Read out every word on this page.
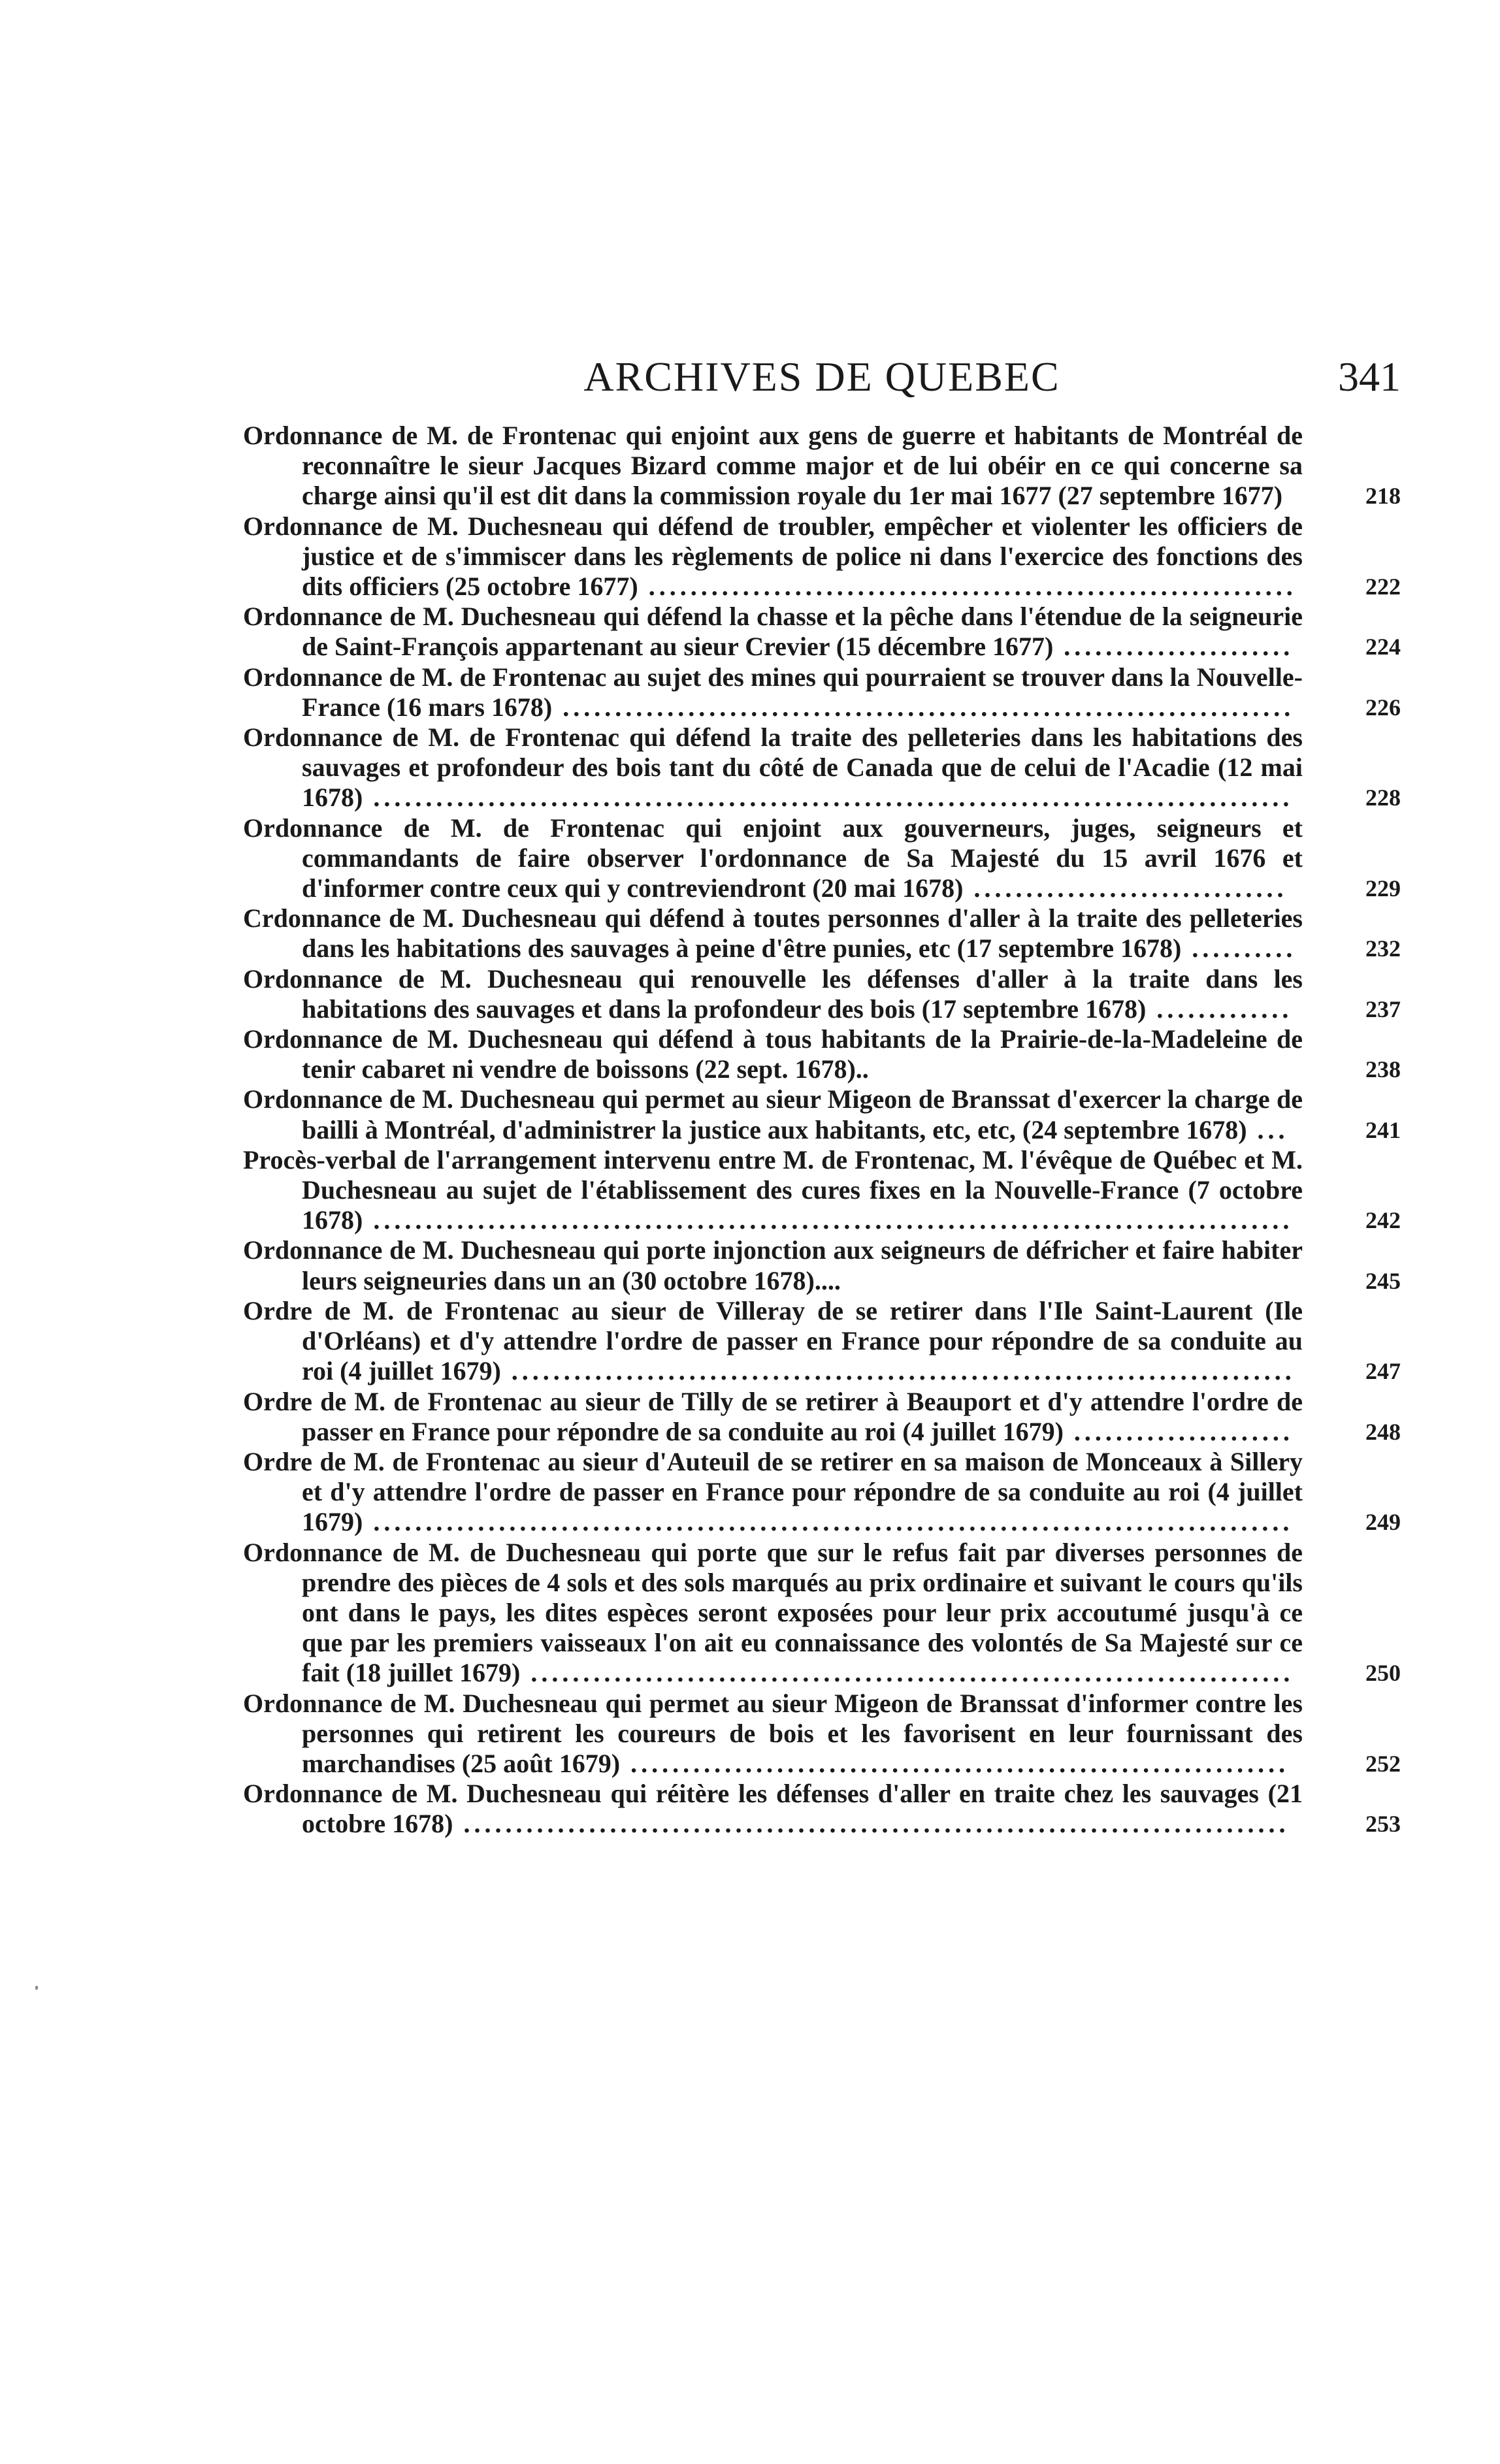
ARCHIVES DE QUEBEC	341
Ordonnance de M. de Frontenac qui enjoint aux gens de guerre et habitants de Montréal de reconnaître le sieur Jacques Bizard comme major et de lui obéir en ce qui concerne sa charge ainsi qu'il est dit dans la commission royale du 1er mai 1677 (27 septembre 1677)	218
Ordonnance de M. Duchesneau qui défend de troubler, empêcher et violenter les officiers de justice et de s'immiscer dans les règlements de police ni dans l'exercice des fonctions des dits officiers (25 octobre 1677) ..............................................................	222
Ordonnance de M. Duchesneau qui défend la chasse et la pêche dans l'étendue de la seigneurie de Saint-François appartenant au sieur Crevier (15 décembre 1677) ......................	224
Ordonnance de M. de Frontenac au sujet des mines qui pourraient se trouver dans la Nouvelle-France (16 mars 1678) ......................................................................	226
Ordonnance de M. de Frontenac qui défend la traite des pelleteries dans les habitations des sauvages et profondeur des bois tant du côté de Canada que de celui de l'Acadie (12 mai 1678) ........................................................................................	228
Ordonnance de M. de Frontenac qui enjoint aux gouverneurs, juges, seigneurs et commandants de faire observer l'ordonnance de Sa Majesté du 15 avril 1676 et d'informer contre ceux qui y contreviendront (20 mai 1678) ..............................	229
Crdonnance de M. Duchesneau qui défend à toutes personnes d'aller à la traite des pelleteries dans les habitations des sauvages à peine d'être punies, etc (17 septembre 1678) ..........	232
Ordonnance de M. Duchesneau qui renouvelle les défenses d'aller à la traite dans les habitations des sauvages et dans la profondeur des bois (17 septembre 1678) .............	237
Ordonnance de M. Duchesneau qui défend à tous habitants de la Prairie-de-la-Madeleine de tenir cabaret ni vendre de boissons (22 sept. 1678)..	238
Ordonnance de M. Duchesneau qui permet au sieur Migeon de Branssat d'exercer la charge de bailli à Montréal, d'administrer la justice aux habitants, etc, etc, (24 septembre 1678) ...	241
Procès-verbal de l'arrangement intervenu entre M. de Frontenac, M. l'évêque de Québec et M. Duchesneau au sujet de l'établissement des cures fixes en la Nouvelle-France (7 octobre 1678) ........................................................................................	242
Ordonnance de M. Duchesneau qui porte injonction aux seigneurs de défricher et faire habiter leurs seigneuries dans un an (30 octobre 1678)....	245
Ordre de M. de Frontenac au sieur de Villeray de se retirer dans l'Ile Saint-Laurent (Ile d'Orléans) et d'y attendre l'ordre de passer en France pour répondre de sa conduite au roi (4 juillet 1679) ...........................................................................	247
Ordre de M. de Frontenac au sieur de Tilly de se retirer à Beauport et d'y attendre l'ordre de passer en France pour répondre de sa conduite au roi (4 juillet 1679) .....................	248
Ordre de M. de Frontenac au sieur d'Auteuil de se retirer en sa maison de Monceaux à Sillery et d'y attendre l'ordre de passer en France pour répondre de sa conduite au roi (4 juillet 1679) ........................................................................................	249
Ordonnance de M. de Duchesneau qui porte que sur le refus fait par diverses personnes de prendre des pièces de 4 sols et des sols marqués au prix ordinaire et suivant le cours qu'ils ont dans le pays, les dites espèces seront exposées pour leur prix accoutumé jusqu'à ce que par les premiers vaisseaux l'on ait eu connaissance des volontés de Sa Majesté sur ce fait (18 juillet 1679) .........................................................................	250
Ordonnance de M. Duchesneau qui permet au sieur Migeon de Branssat d'informer contre les personnes qui retirent les coureurs de bois et les favorisent en leur fournissant des marchandises (25 août 1679) ...............................................................	252
Ordonnance de M. Duchesneau qui réitère les défenses d'aller en traite chez les sauvages (21 octobre 1678) ...............................................................................	253
